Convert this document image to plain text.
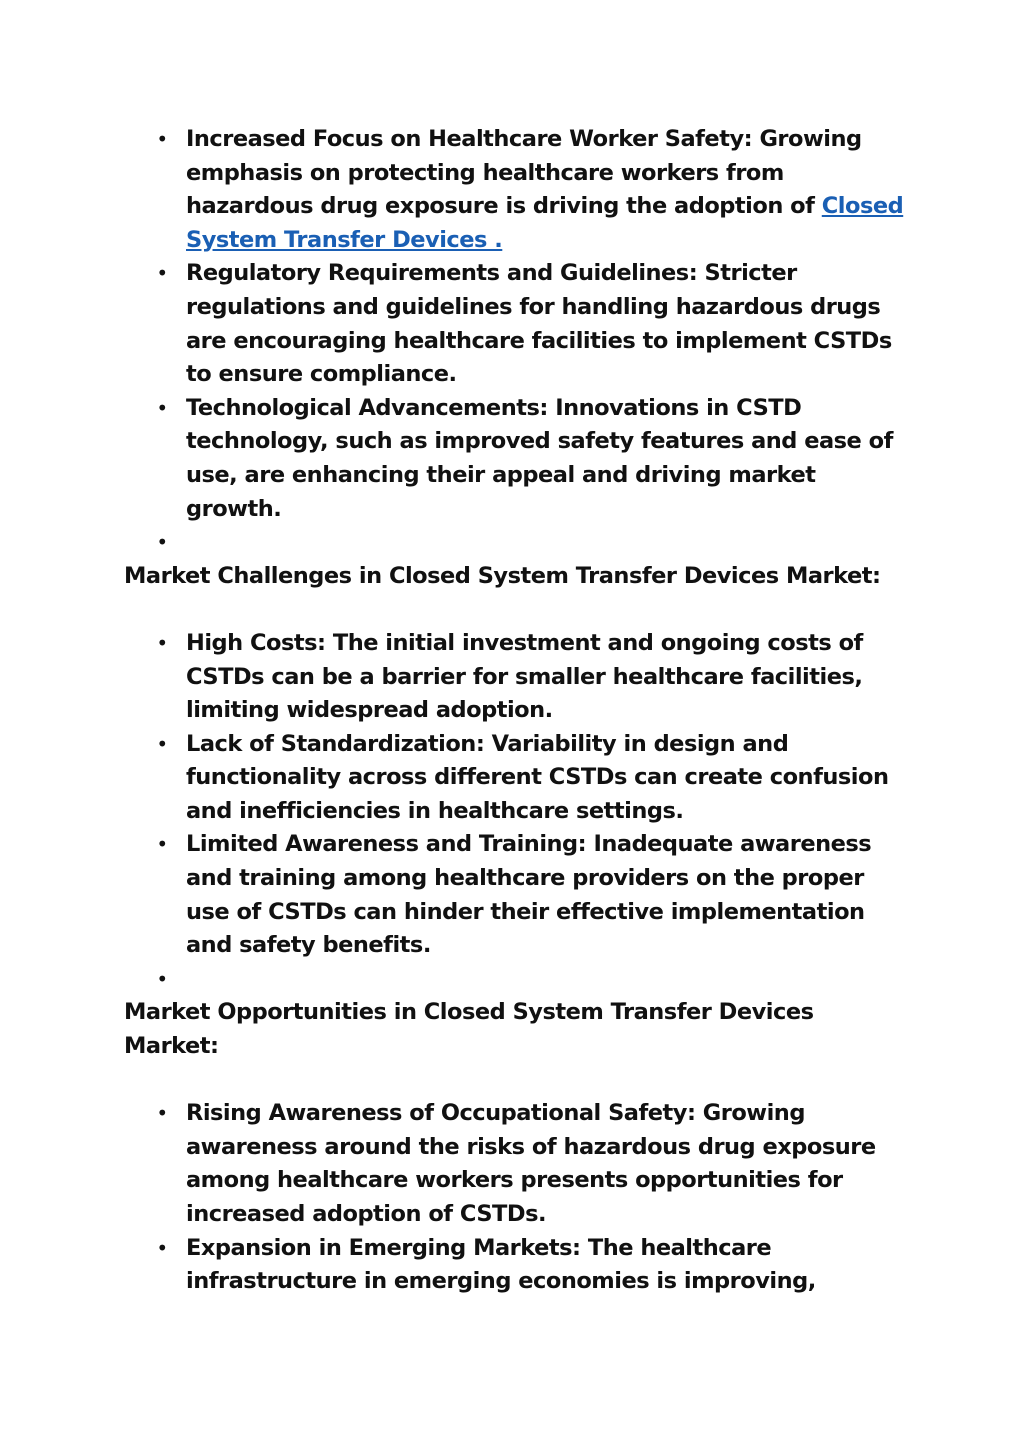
• Increased Focus on Healthcare Worker Safety: Growing emphasis on protecting healthcare workers from hazardous drug exposure is driving the adoption of Closed System Transfer Devices .
• Regulatory Requirements and Guidelines: Stricter regulations and guidelines for handling hazardous drugs are encouraging healthcare facilities to implement CSTDs to ensure compliance.
• Technological Advancements: Innovations in CSTD technology, such as improved safety features and ease of use, are enhancing their appeal and driving market growth.
•

Market Challenges in Closed System Transfer Devices Market:

• High Costs: The initial investment and ongoing costs of CSTDs can be a barrier for smaller healthcare facilities, limiting widespread adoption.
• Lack of Standardization: Variability in design and functionality across different CSTDs can create confusion and inefficiencies in healthcare settings.
• Limited Awareness and Training: Inadequate awareness and training among healthcare providers on the proper use of CSTDs can hinder their effective implementation and safety benefits.
•

Market Opportunities in Closed System Transfer Devices Market:

• Rising Awareness of Occupational Safety: Growing awareness around the risks of hazardous drug exposure among healthcare workers presents opportunities for increased adoption of CSTDs.
• Expansion in Emerging Markets: The healthcare infrastructure in emerging economies is improving,
